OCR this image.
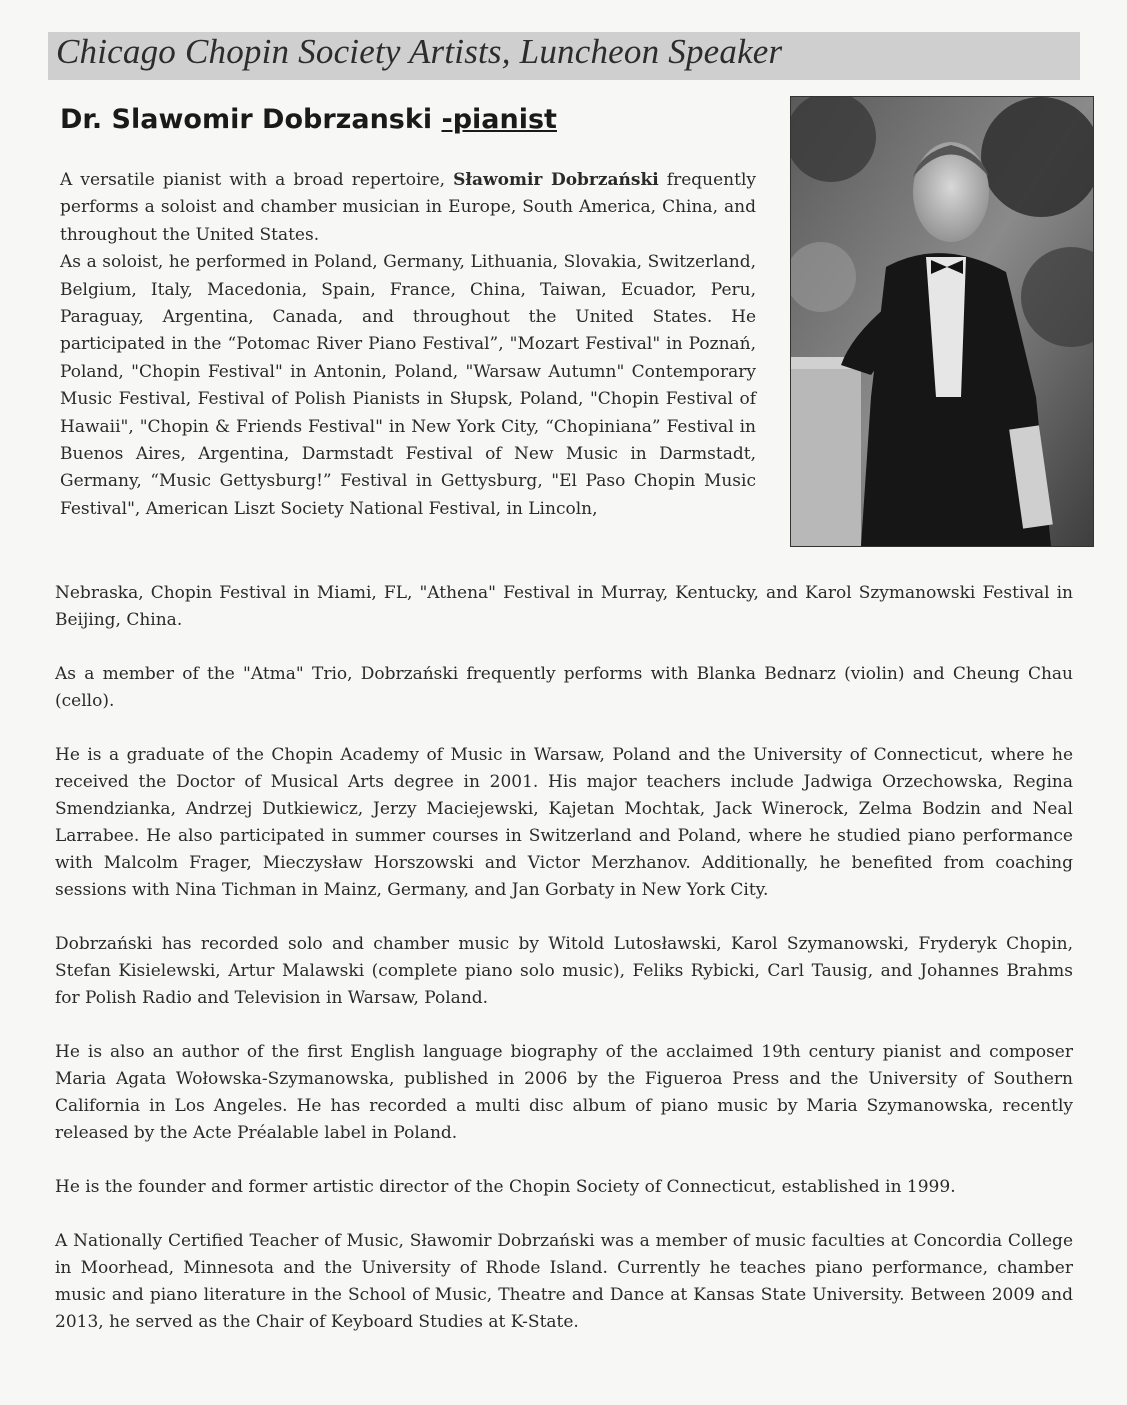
Chicago Chopin Society Artists, Luncheon Speaker
Dr. Slawomir Dobrzanski -pianist

A versatile pianist with a broad repertoire, Sławomir Dobrzański frequently performs a soloist and chamber musician in Europe, South America, China, and throughout the United States.

As a soloist, he performed in Poland, Germany, Lithuania, Slovakia, Switzerland, Belgium, Italy, Macedonia, Spain, France, China, Taiwan, Ecuador, Peru, Paraguay, Argentina, Canada, and throughout the United States. He participated in the “Potomac River Piano Festival”, "Mozart Festival" in Poznań, Poland, "Chopin Festival" in Antonin, Poland, "Warsaw Autumn" Contemporary Music Festival, Festival of Polish Pianists in Słupsk, Poland, "Chopin Festival of Hawaii", "Chopin & Friends Festival" in New York City, “Chopiniana” Festival in Buenos Aires, Argentina, Darmstadt Festival of New Music in Darmstadt, Germany, “Music Gettysburg!” Festival in Gettysburg, "El Paso Chopin Music Festival", American Liszt Society National Festival, in Lincoln,

Nebraska, Chopin Festival in Miami, FL, "Athena" Festival in Murray, Kentucky, and Karol Szymanowski Festival in Beijing, China.

As a member of the "Atma" Trio, Dobrzański frequently performs with Blanka Bednarz (violin) and Cheung Chau (cello).

He is a graduate of the Chopin Academy of Music in Warsaw, Poland and the University of Connecticut, where he received the Doctor of Musical Arts degree in 2001. His major teachers include Jadwiga Orzechowska, Regina Smendzianka, Andrzej Dutkiewicz, Jerzy Maciejewski, Kajetan Mochtak, Jack Winerock, Zelma Bodzin and Neal Larrabee. He also participated in summer courses in Switzerland and Poland, where he studied piano performance with Malcolm Frager, Mieczysław Horszowski and Victor Merzhanov. Additionally, he benefited from coaching sessions with Nina Tichman in Mainz, Germany, and Jan Gorbaty in New York City.

Dobrzański has recorded solo and chamber music by Witold Lutosławski, Karol Szymanowski, Fryderyk Chopin, Stefan Kisielewski, Artur Malawski (complete piano solo music), Feliks Rybicki, Carl Tausig, and Johannes Brahms for Polish Radio and Television in Warsaw, Poland.

He is also an author of the first English language biography of the acclaimed 19th century pianist and composer Maria Agata Wołowska-Szymanowska, published in 2006 by the Figueroa Press and the University of Southern California in Los Angeles. He has recorded a multi disc album of piano music by Maria Szymanowska, recently released by the Acte Préalable label in Poland.

He is the founder and former artistic director of the Chopin Society of Connecticut, established in 1999.

A Nationally Certified Teacher of Music, Sławomir Dobrzański was a member of music faculties at Concordia College in Moorhead, Minnesota and the University of Rhode Island. Currently he teaches piano performance, chamber music and piano literature in the School of Music, Theatre and Dance at Kansas State University. Between 2009 and 2013, he served as the Chair of Keyboard Studies at K-State.
